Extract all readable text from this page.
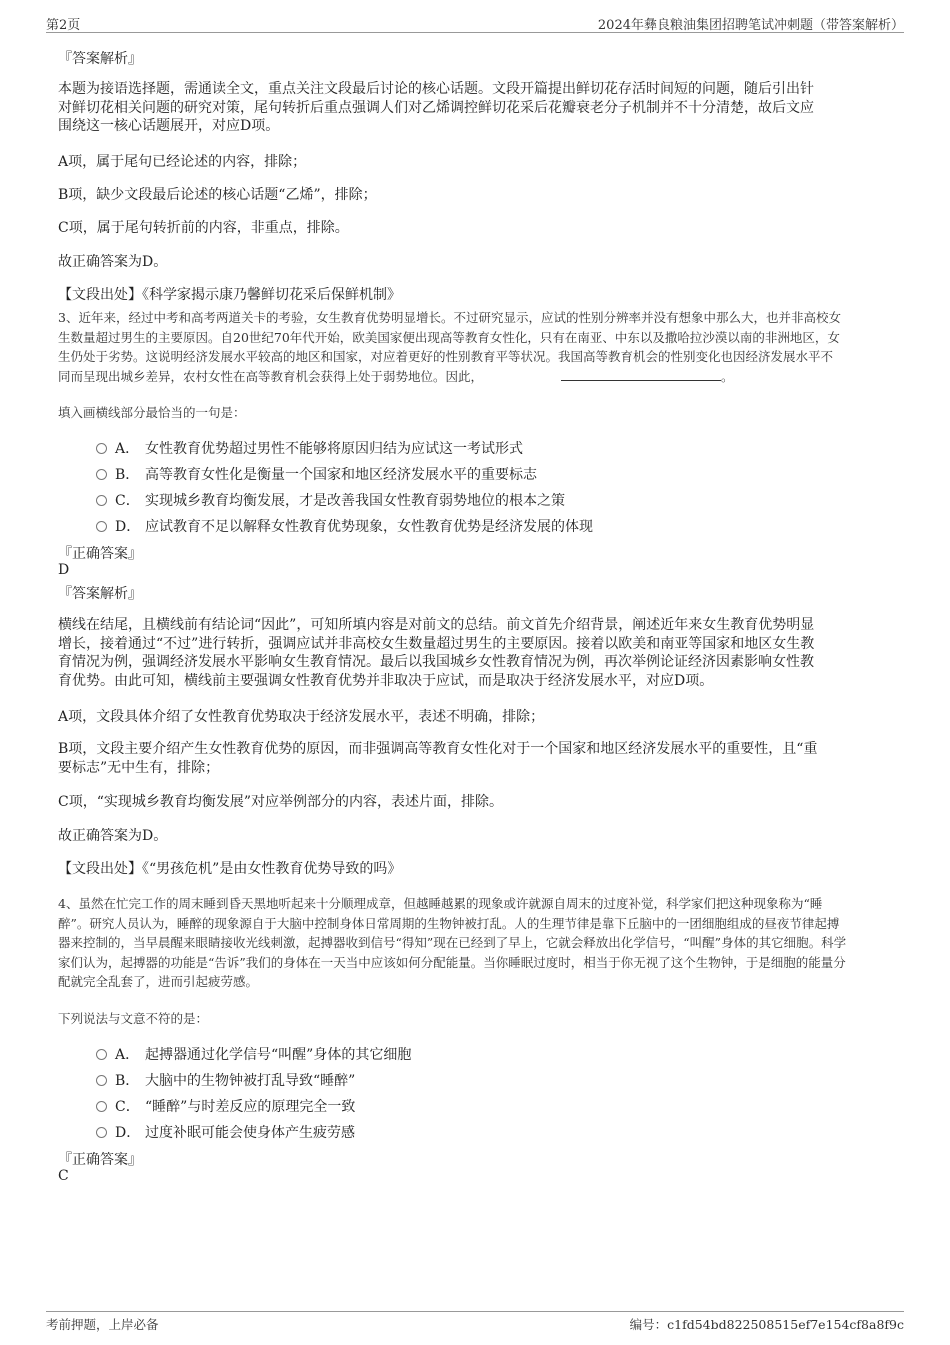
第2页	2024年彝良粮油集团招聘笔试冲刺题（带答案解析）
『答案解析』
本题为接语选择题，需通读全文，重点关注文段最后讨论的核心话题。文段开篇提出鲜切花存活时间短的问题，随后引出针
对鲜切花相关问题的研究对策，尾句转折后重点强调人们对乙烯调控鲜切花采后花瓣衰老分子机制并不十分清楚，故后文应
围绕这一核心话题展开，对应D项。
A项，属于尾句已经论述的内容，排除；
B项，缺少文段最后论述的核心话题“乙烯”，排除；
C项，属于尾句转折前的内容，非重点，排除。
故正确答案为D。
【文段出处】《科学家揭示康乃馨鲜切花采后保鲜机制》
3、近年来，经过中考和高考两道关卡的考验，女生教育优势明显增长。不过研究显示，应试的性别分辨率并没有想象中那么大，也并非高校女
生数量超过男生的主要原因。自20世纪70年代开始，欧美国家便出现高等教育女性化，只有在南亚、中东以及撒哈拉沙漠以南的非洲地区，女
生仍处于劣势。这说明经济发展水平较高的地区和国家，对应着更好的性别教育平等状况。我国高等教育机会的性别变化也因经济发展水平不
同而呈现出城乡差异，农村女性在高等教育机会获得上处于弱势地位。因此，	。
填入画横线部分最恰当的一句是：
A． 女性教育优势超过男性不能够将原因归结为应试这一考试形式
B． 高等教育女性化是衡量一个国家和地区经济发展水平的重要标志
C． 实现城乡教育均衡发展，才是改善我国女性教育弱势地位的根本之策
D． 应试教育不足以解释女性教育优势现象，女性教育优势是经济发展的体现
『正确答案』
D
『答案解析』
横线在结尾，且横线前有结论词“因此”，可知所填内容是对前文的总结。前文首先介绍背景，阐述近年来女生教育优势明显
增长，接着通过“不过”进行转折，强调应试并非高校女生数量超过男生的主要原因。接着以欧美和南亚等国家和地区女生教
育情况为例，强调经济发展水平影响女生教育情况。最后以我国城乡女性教育情况为例，再次举例论证经济因素影响女性教
育优势。由此可知，横线前主要强调女性教育优势并非取决于应试，而是取决于经济发展水平，对应D项。
A项，文段具体介绍了女性教育优势取决于经济发展水平，表述不明确，排除；
B项，文段主要介绍产生女性教育优势的原因，而非强调高等教育女性化对于一个国家和地区经济发展水平的重要性，且“重
要标志”无中生有，排除；
C项，“实现城乡教育均衡发展”对应举例部分的内容，表述片面，排除。
故正确答案为D。
【文段出处】《“男孩危机”是由女性教育优势导致的吗》
4、虽然在忙完工作的周末睡到昏天黑地听起来十分顺理成章，但越睡越累的现象或许就源自周末的过度补觉，科学家们把这种现象称为“睡
醉”。研究人员认为，睡醉的现象源自于大脑中控制身体日常周期的生物钟被打乱。人的生理节律是靠下丘脑中的一团细胞组成的昼夜节律起搏
器来控制的，当早晨醒来眼睛接收光线刺激，起搏器收到信号“得知”现在已经到了早上，它就会释放出化学信号，“叫醒”身体的其它细胞。科学
家们认为，起搏器的功能是“告诉”我们的身体在一天当中应该如何分配能量。当你睡眠过度时，相当于你无视了这个生物钟，于是细胞的能量分
配就完全乱套了，进而引起疲劳感。
下列说法与文意不符的是：
A． 起搏器通过化学信号“叫醒”身体的其它细胞
B． 大脑中的生物钟被打乱导致“睡醉”
C． “睡醉”与时差反应的原理完全一致
D． 过度补眠可能会使身体产生疲劳感
『正确答案』
C
考前押题，上岸必备	编号：c1fd54bd822508515ef7e154cf8a8f9c
